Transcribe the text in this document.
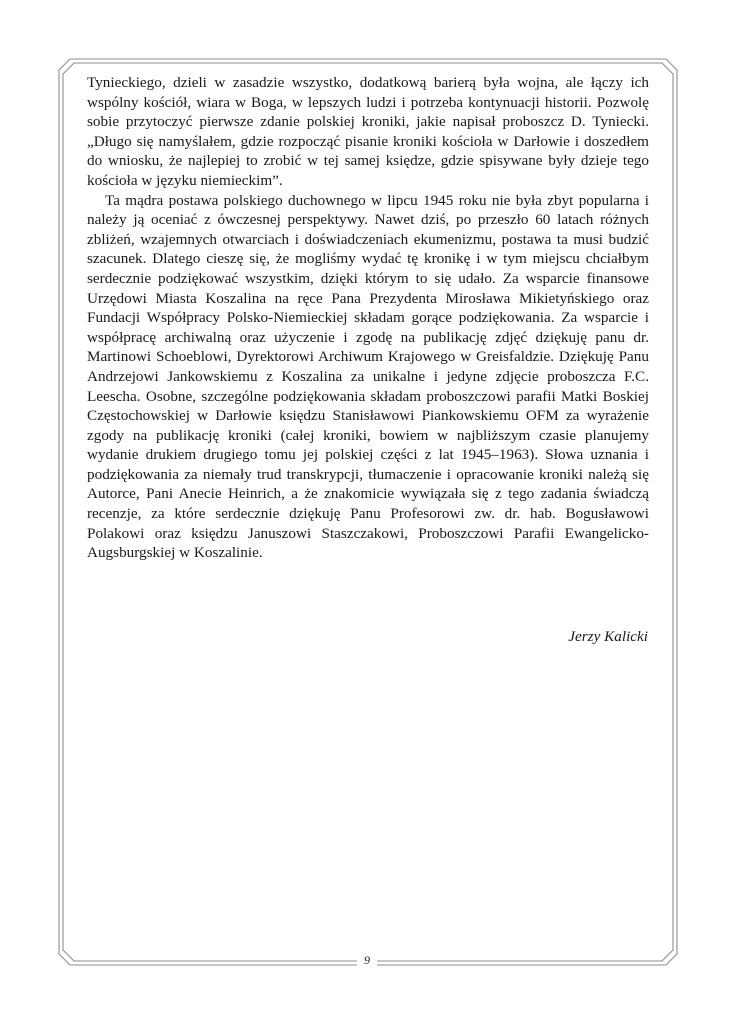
Tynieckiego, dzieli w zasadzie wszystko, dodatkową barierą była wojna, ale łączy ich wspólny kościół, wiara w Boga, w lepszych ludzi i potrzeba kontynuacji historii. Pozwolę sobie przytoczyć pierwsze zdanie polskiej kroniki, jakie napisał proboszcz D. Tyniecki. „Długo się namyślałem, gdzie rozpocząć pisanie kroniki kościoła w Darłowie i doszedłem do wniosku, że najlepiej to zrobić w tej samej księdze, gdzie spisywane były dzieje tego kościoła w języku niemieckim”.

Ta mądra postawa polskiego duchownego w lipcu 1945 roku nie była zbyt popularna i należy ją oceniać z ówczesnej perspektywy. Nawet dziś, po przeszło 60 latach różnych zbliżeń, wzajemnych otwarciach i doświadczeniach ekumenizmu, postawa ta musi budzić szacunek. Dlatego cieszę się, że mogliśmy wydać tę kronikę i w tym miejscu chciałbym serdecznie podziękować wszystkim, dzięki którym to się udało. Za wsparcie finansowe Urzędowi Miasta Koszalina na ręce Pana Prezydenta Mirosława Mikietyńskiego oraz Fundacji Współpracy Polsko-Niemieckiej składam gorące podziękowania. Za wsparcie i współpracę archiwalną oraz użyczenie i zgodę na publikację zdjęć dziękuję panu dr. Martinowi Schoeblowi, Dyrektorowi Archiwum Krajowego w Greisfaldzie. Dziękuję Panu Andrzejowi Jankowskiemu z Koszalina za unikalne i jedyne zdjęcie proboszcza F.C. Leescha. Osobne, szczególne podziękowania składam proboszczowi parafii Matki Boskiej Częstochowskiej w Darłowie księdzu Stanisławowi Piankowskiemu OFM za wyrażenie zgody na publikację kroniki (całej kroniki, bowiem w najbliższym czasie planujemy wydanie drukiem drugiego tomu jej polskiej części z lat 1945–1963). Słowa uznania i podziękowania za niemały trud transkrypcji, tłumaczenie i opracowanie kroniki należą się Autorce, Pani Anecie Heinrich, a że znakomicie wywiązała się z tego zadania świadczą recenzje, za które serdecznie dziękuję Panu Profesorowi zw. dr. hab. Bogusławowi Polakowi oraz księdzu Januszowi Staszczakowi, Proboszczowi Parafii Ewangelicko-Augsburgskiej w Koszalinie.

Jerzy Kalicki
9
